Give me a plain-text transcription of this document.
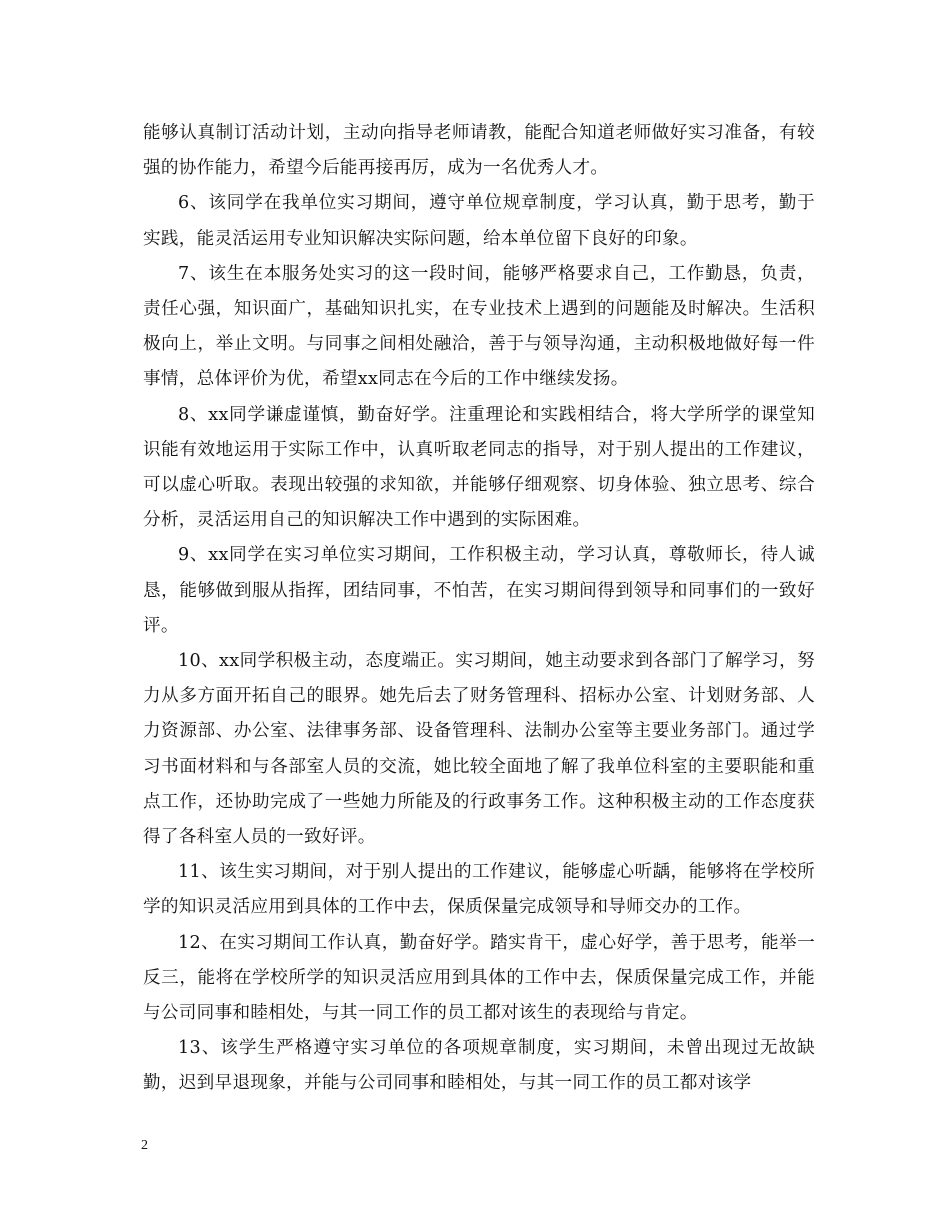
能够认真制订活动计划，主动向指导老师请教，能配合知道老师做好实习准备，有较强的协作能力，希望今后能再接再厉，成为一名优秀人才。

6、该同学在我单位实习期间，遵守单位规章制度，学习认真，勤于思考，勤于实践，能灵活运用专业知识解决实际问题，给本单位留下良好的印象。

7、该生在本服务处实习的这一段时间，能够严格要求自己，工作勤恳，负责，责任心强，知识面广，基础知识扎实，在专业技术上遇到的问题能及时解决。生活积极向上，举止文明。与同事之间相处融洽，善于与领导沟通，主动积极地做好每一件事情，总体评价为优，希望xx同志在今后的工作中继续发扬。

8、xx同学谦虚谨慎，勤奋好学。注重理论和实践相结合，将大学所学的课堂知识能有效地运用于实际工作中，认真听取老同志的指导，对于别人提出的工作建议，可以虚心听取。表现出较强的求知欲，并能够仔细观察、切身体验、独立思考、综合分析，灵活运用自己的知识解决工作中遇到的实际困难。

9、xx同学在实习单位实习期间，工作积极主动，学习认真，尊敬师长，待人诚恳，能够做到服从指挥，团结同事，不怕苦，在实习期间得到领导和同事们的一致好评。

10、xx同学积极主动，态度端正。实习期间，她主动要求到各部门了解学习，努力从多方面开拓自己的眼界。她先后去了财务管理科、招标办公室、计划财务部、人力资源部、办公室、法律事务部、设备管理科、法制办公室等主要业务部门。通过学习书面材料和与各部室人员的交流，她比较全面地了解了我单位科室的主要职能和重点工作，还协助完成了一些她力所能及的行政事务工作。这种积极主动的工作态度获得了各科室人员的一致好评。

11、该生实习期间，对于别人提出的工作建议，能够虚心听龋，能够将在学校所学的知识灵活应用到具体的工作中去，保质保量完成领导和导师交办的工作。

12、在实习期间工作认真，勤奋好学。踏实肯干，虚心好学，善于思考，能举一反三，能将在学校所学的知识灵活应用到具体的工作中去，保质保量完成工作，并能与公司同事和睦相处，与其一同工作的员工都对该生的表现给与肯定。

13、该学生严格遵守实习单位的各项规章制度，实习期间，未曾出现过无故缺勤，迟到早退现象，并能与公司同事和睦相处，与其一同工作的员工都对该学

2
